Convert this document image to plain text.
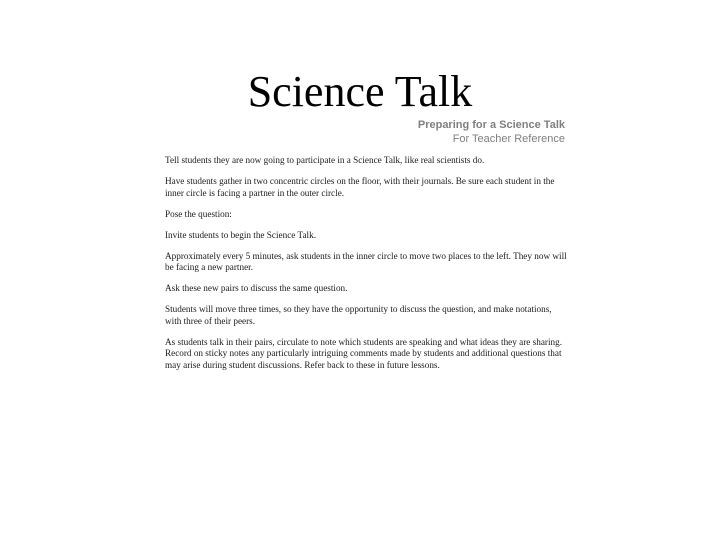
Science Talk
Preparing for a Science Talk
For Teacher Reference

Tell students they are now going to participate in a Science Talk, like real scientists do.

Have students gather in two concentric circles on the floor, with their journals. Be sure each student in the inner circle is facing a partner in the outer circle.

Pose the question:

Invite students to begin the Science Talk.

Approximately every 5 minutes, ask students in the inner circle to move two places to the left. They now will be facing a new partner.

Ask these new pairs to discuss the same question.

Students will move three times, so they have the opportunity to discuss the question, and make notations, with three of their peers.

As students talk in their pairs, circulate to note which students are speaking and what ideas they are sharing. Record on sticky notes any particularly intriguing comments made by students and additional questions that may arise during student discussions. Refer back to these in future lessons.
